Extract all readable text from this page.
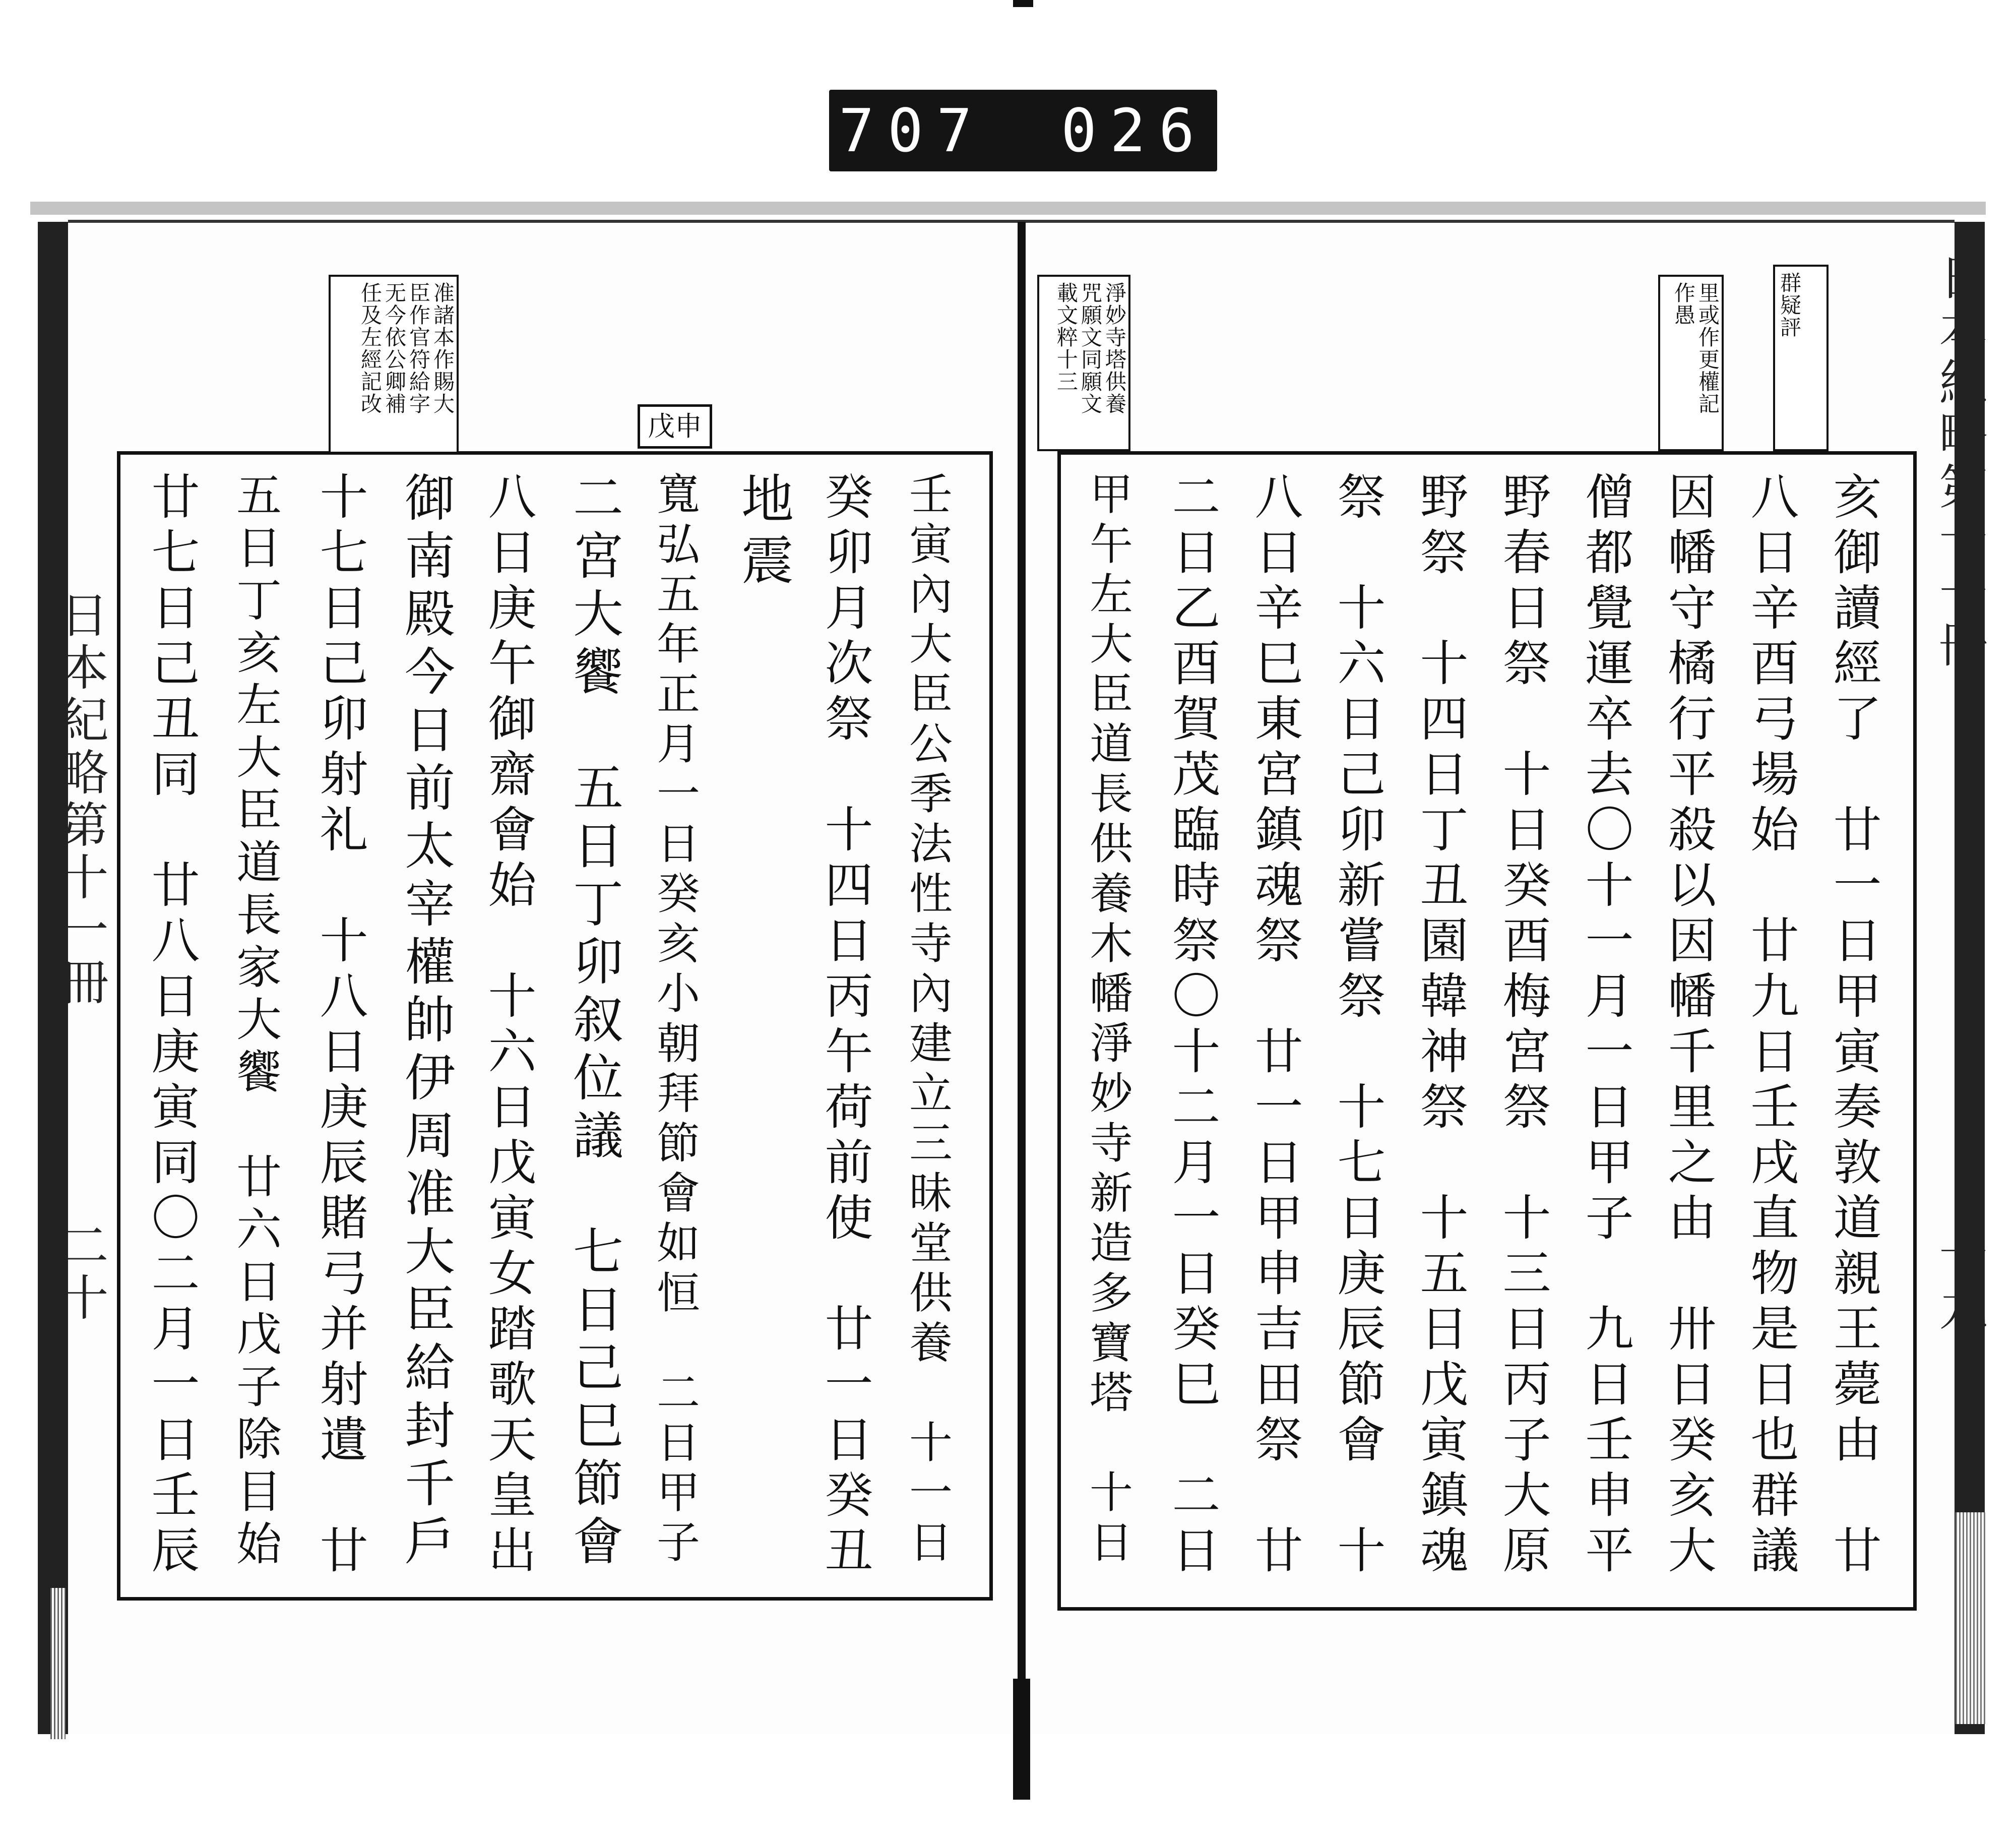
707 026
日本紀略第十一冊
二十
日本紀略第十一冊
十九
准諸本作賜大
臣作官符給字
无今依公卿補
任及左經記改
戊申
壬寅內大臣公季法性寺內建立三昧堂供養　十一日
癸卯月次祭　十四日丙午荷前使　廿一日癸丑
地震
寬弘五年正月一日癸亥小朝拜節會如恒　二日甲子
二宮大饗　五日丁卯叙位議　七日己巳節會
八日庚午御齋會始　十六日戊寅女踏歌天皇出
御南殿今日前太宰權帥伊周准大臣給封千戶
十七日己卯射礼　十八日庚辰賭弓并射遺　廿
五日丁亥左大臣道長家大饗　廿六日戊子除目始
廿七日己丑同　廿八日庚寅同〇二月一日壬辰
群疑評
里或作更權記
作愚
淨妙寺塔供養
咒願文同願文
載文粹十三
亥御讀經了　廿一日甲寅奏敦道親王薨由　廿
八日辛酉弓場始　廿九日壬戌直物是日也群議
因幡守橘行平殺以因幡千里之由　卅日癸亥大
僧都覺運卒去〇十一月一日甲子　九日壬申平
野春日祭　十日癸酉梅宮祭　十三日丙子大原
野祭　十四日丁丑園韓神祭　十五日戊寅鎮魂
祭　十六日己卯新嘗祭　十七日庚辰節會　十
八日辛巳東宮鎮魂祭　廿一日甲申吉田祭　廿
二日乙酉賀茂臨時祭〇十二月一日癸巳　二日
甲午左大臣道長供養木幡淨妙寺新造多寶塔　十日
